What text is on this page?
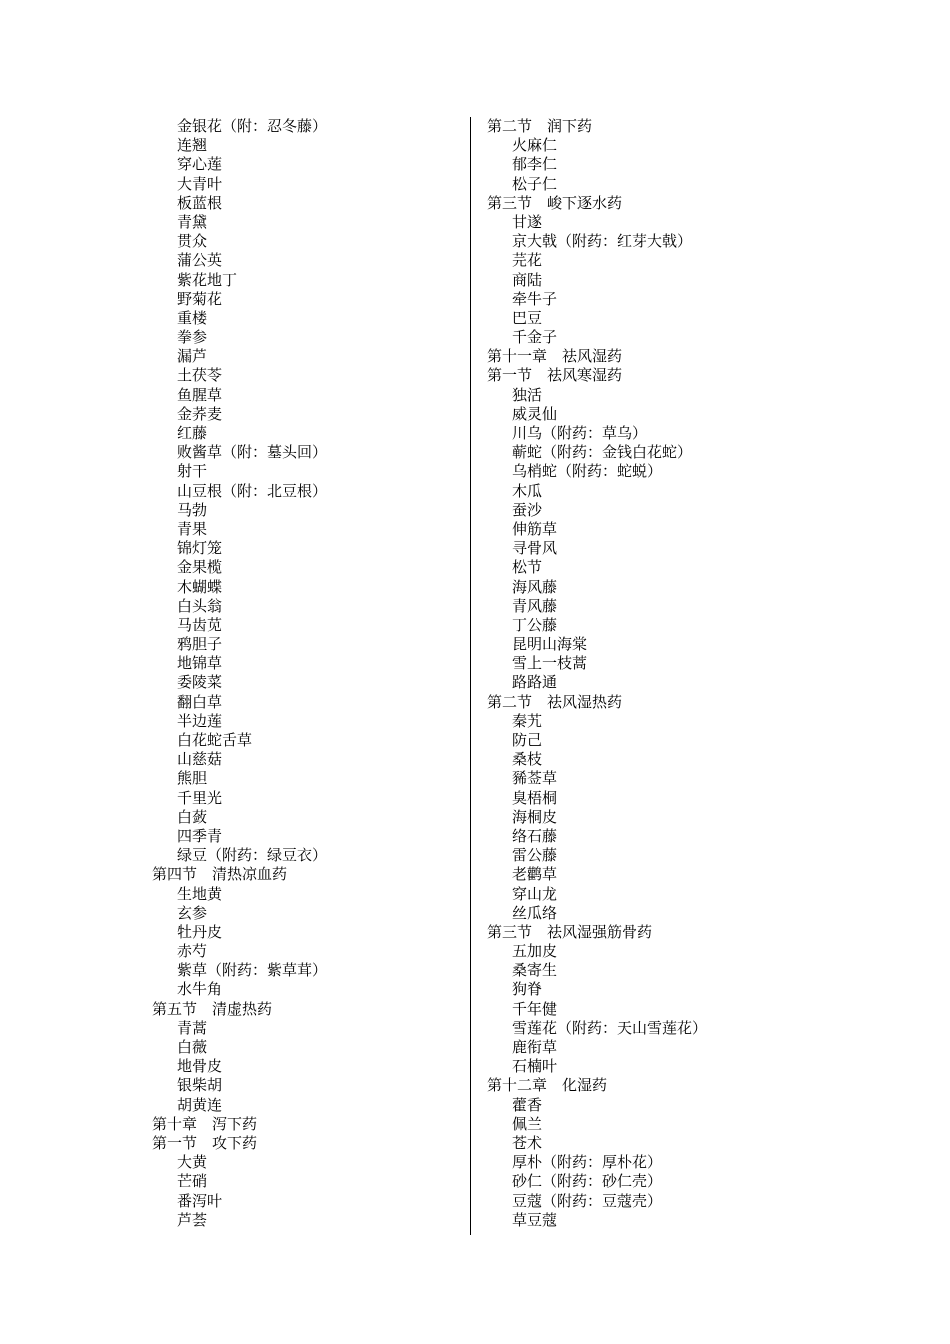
金银花（附：忍冬藤）
连翘
穿心莲
大青叶
板蓝根
青黛
贯众
蒲公英
紫花地丁
野菊花
重楼
拳参
漏芦
土茯苓
鱼腥草
金荞麦
红藤
败酱草（附：墓头回）
射干
山豆根（附：北豆根）
马勃
青果
锦灯笼
金果榄
木蝴蝶
白头翁
马齿苋
鸦胆子
地锦草
委陵菜
翻白草
半边莲
白花蛇舌草
山慈菇
熊胆
千里光
白蔹
四季青
绿豆（附药：绿豆衣）
第四节　清热凉血药
生地黄
玄参
牡丹皮
赤芍
紫草（附药：紫草茸）
水牛角
第五节　清虚热药
青蒿
白薇
地骨皮
银柴胡
胡黄连
第十章　泻下药
第一节　攻下药
大黄
芒硝
番泻叶
芦荟
第二节　润下药
火麻仁
郁李仁
松子仁
第三节　峻下逐水药
甘遂
京大戟（附药：红芽大戟）
芫花
商陆
牵牛子
巴豆
千金子
第十一章　祛风湿药
第一节　祛风寒湿药
独活
威灵仙
川乌（附药：草乌）
蕲蛇（附药：金钱白花蛇）
乌梢蛇（附药：蛇蜕）
木瓜
蚕沙
伸筋草
寻骨风
松节
海风藤
青风藤
丁公藤
昆明山海棠
雪上一枝蒿
路路通
第二节　祛风湿热药
秦艽
防己
桑枝
豨莶草
臭梧桐
海桐皮
络石藤
雷公藤
老鹳草
穿山龙
丝瓜络
第三节　祛风湿强筋骨药
五加皮
桑寄生
狗脊
千年健
雪莲花（附药：天山雪莲花）
鹿衔草
石楠叶
第十二章　化湿药
藿香
佩兰
苍术
厚朴（附药：厚朴花）
砂仁（附药：砂仁壳）
豆蔻（附药：豆蔻壳）
草豆蔻
